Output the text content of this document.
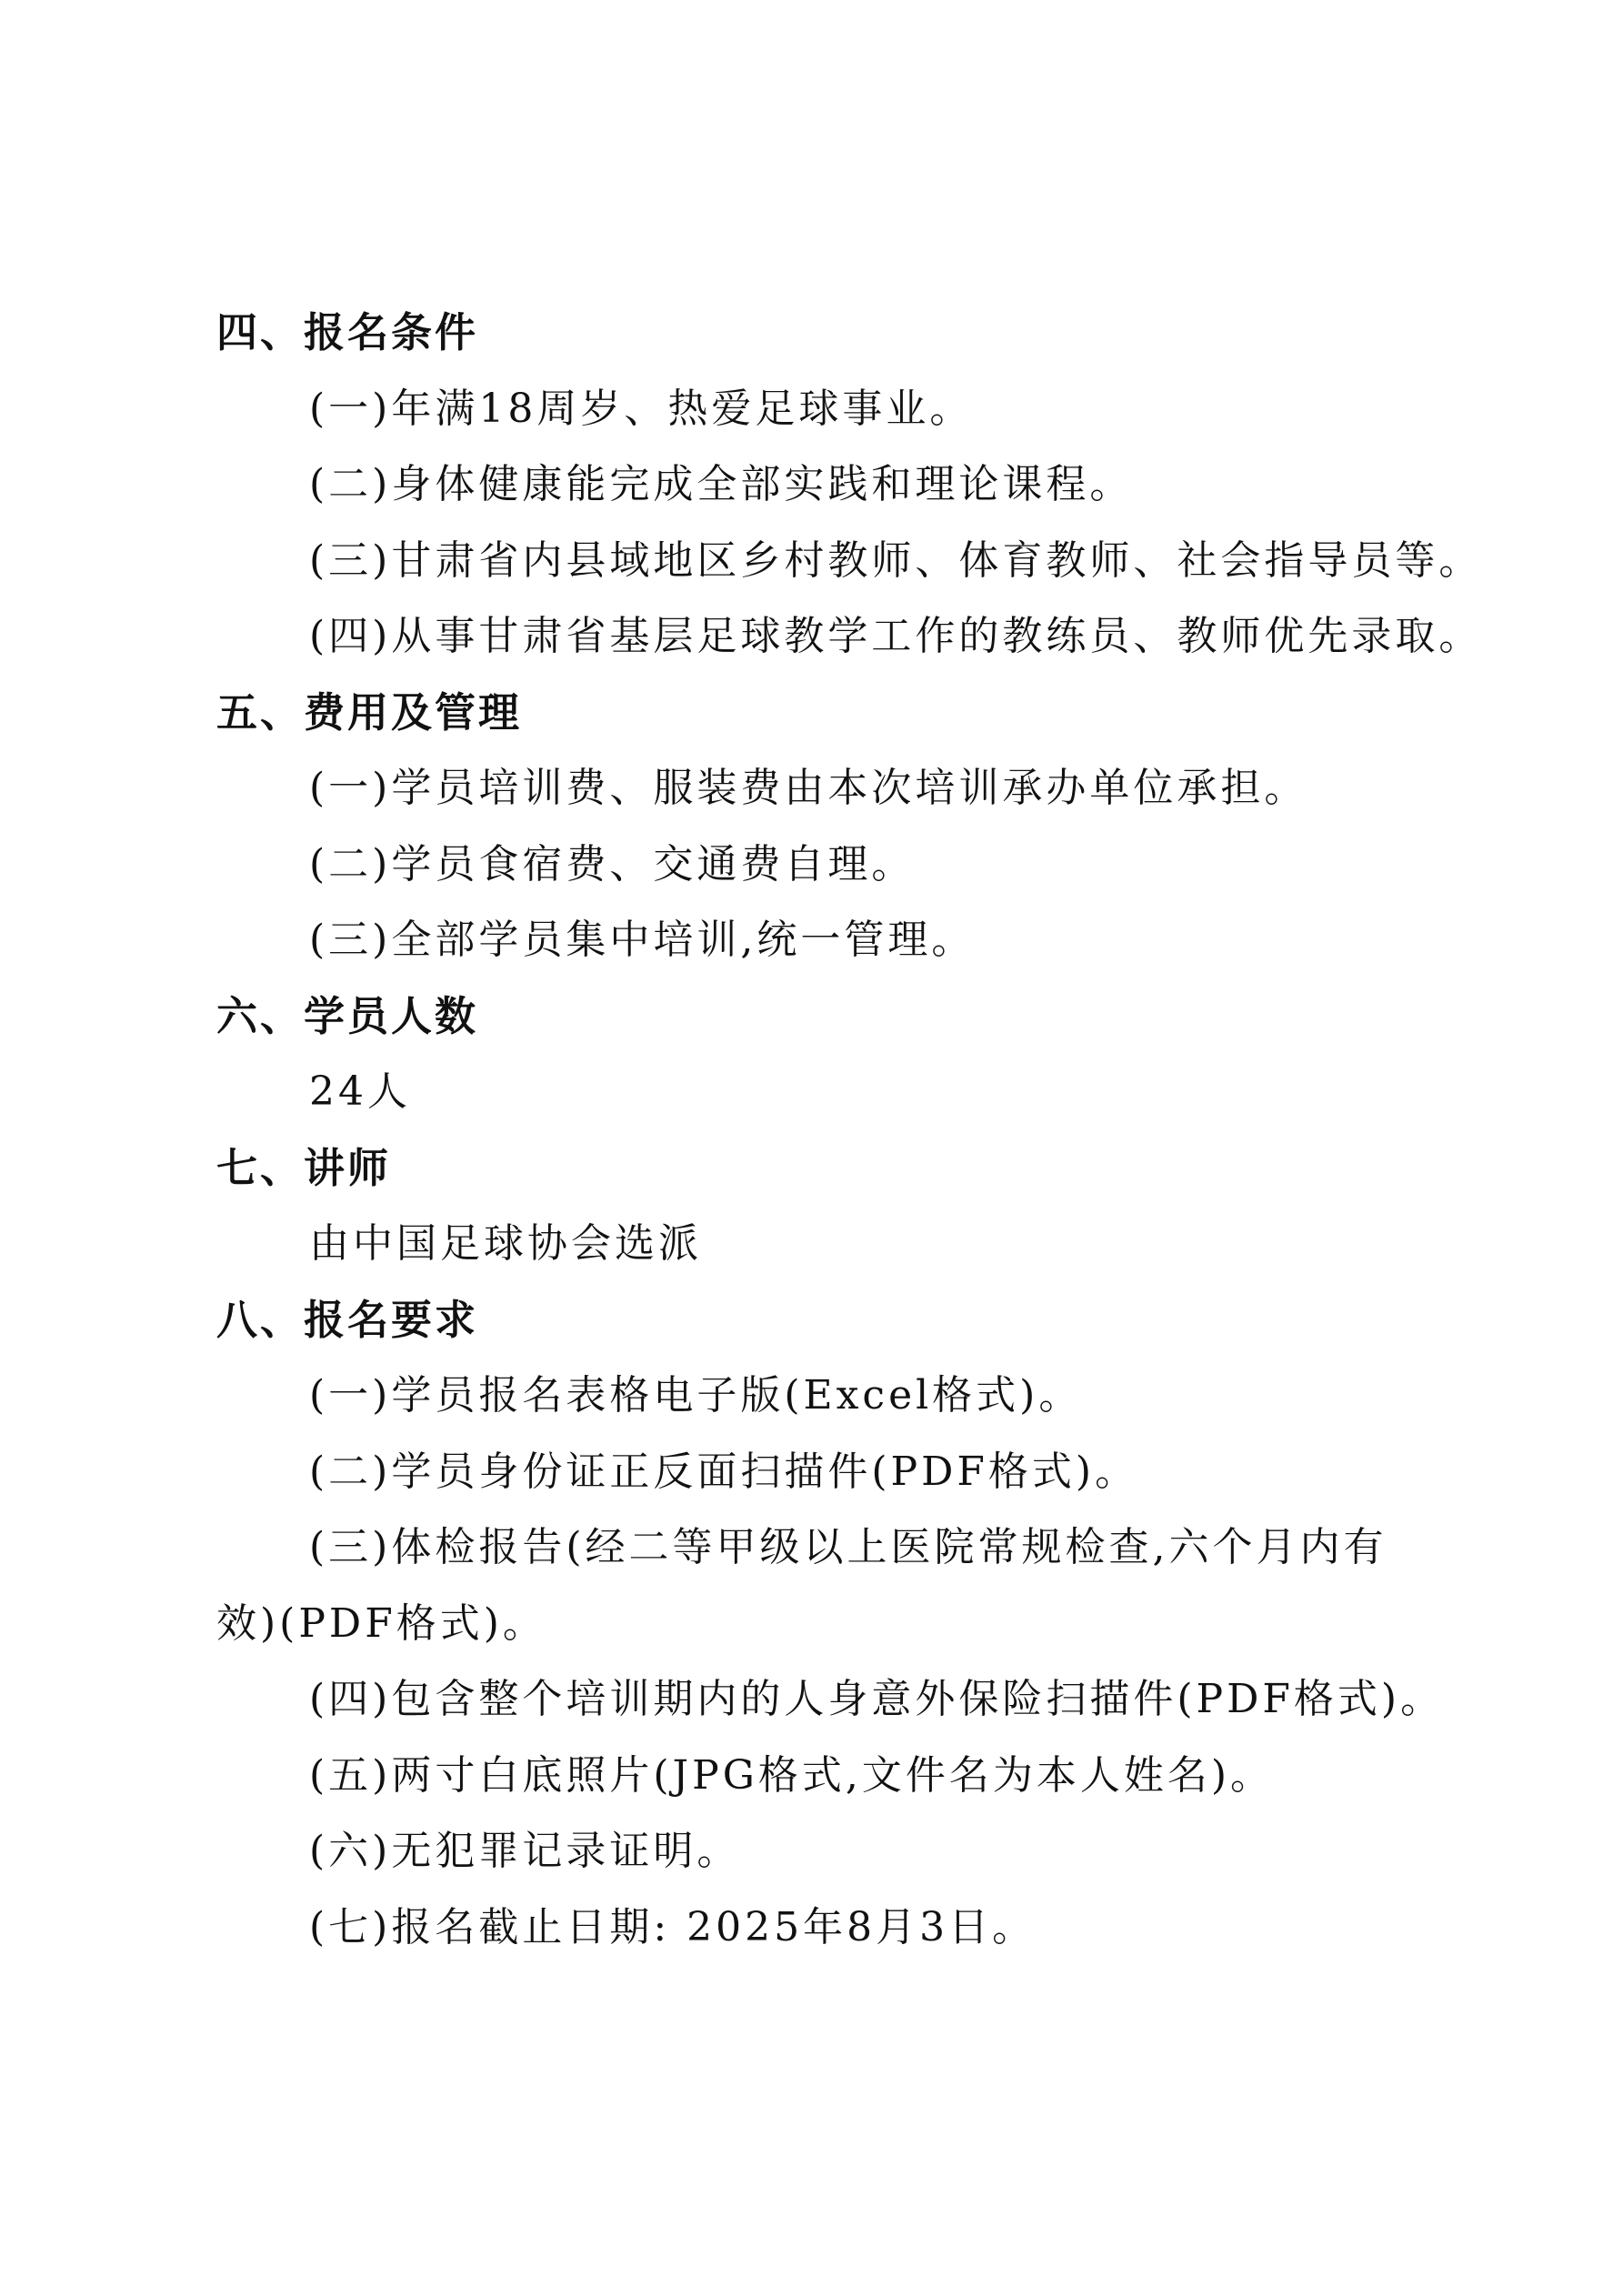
四、报名条件
(一)年满18周岁、热爱足球事业。
(二)身体健康能完成全部实践和理论课程。
(三)甘肃省内县域地区乡村教师、体育教师、社会指导员等。
(四)从事甘肃省基层足球教学工作的教练员、教师优先录取。
五、费用及管理
(一)学员培训费、服装费由本次培训承办单位承担。
(二)学员食宿费、交通费自理。
(三)全部学员集中培训,统一管理。
六、学员人数
24人
七、讲师
由中国足球协会选派
八、报名要求
(一)学员报名表格电子版(Excel格式)。
(二)学员身份证正反面扫描件(PDF格式)。
(三)体检报告(经二等甲级以上医院常规检查,六个月内有
效)(PDF格式)。
(四)包含整个培训期内的人身意外保险扫描件(PDF格式)。
(五)两寸白底照片(JPG格式,文件名为本人姓名)。
(六)无犯罪记录证明。
(七)报名截止日期: 2025年8月3日。
